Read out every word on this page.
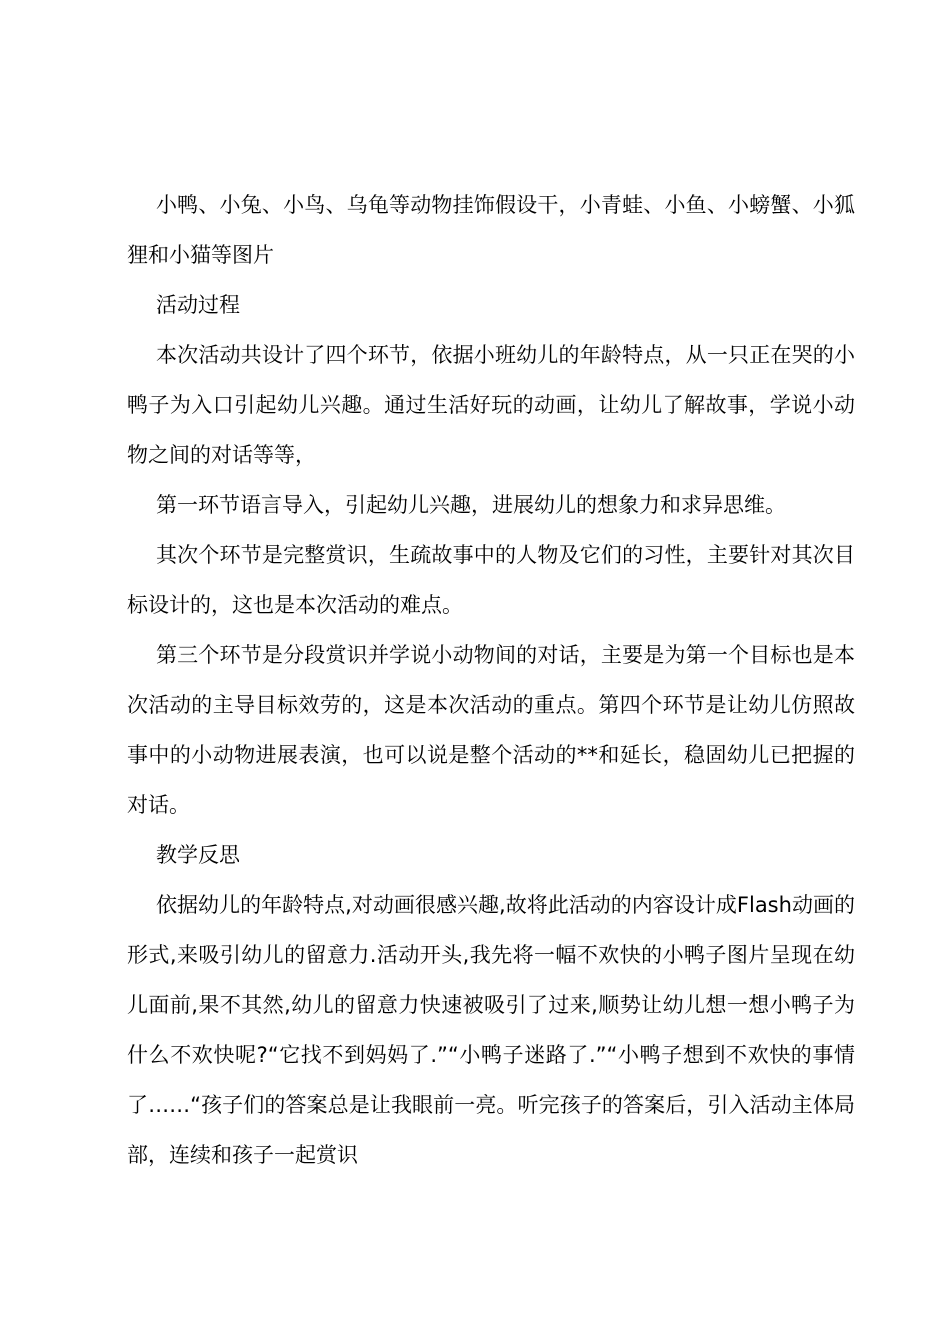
小鸭、小兔、小鸟、乌龟等动物挂饰假设干，小青蛙、小鱼、小螃蟹、小狐狸和小猫等图片

活动过程

本次活动共设计了四个环节，依据小班幼儿的年龄特点，从一只正在哭的小鸭子为入口引起幼儿兴趣。通过生活好玩的动画，让幼儿了解故事，学说小动物之间的对话等等，

第一环节语言导入，引起幼儿兴趣，进展幼儿的想象力和求异思维。

其次个环节是完整赏识，生疏故事中的人物及它们的习性，主要针对其次目标设计的，这也是本次活动的难点。

第三个环节是分段赏识并学说小动物间的对话，主要是为第一个目标也是本次活动的主导目标效劳的，这是本次活动的重点。第四个环节是让幼儿仿照故事中的小动物进展表演，也可以说是整个活动的**和延长，稳固幼儿已把握的对话。

教学反思

依据幼儿的年龄特点,对动画很感兴趣,故将此活动的内容设计成Flash动画的形式,来吸引幼儿的留意力.活动开头,我先将一幅不欢快的小鸭子图片呈现在幼儿面前,果不其然,幼儿的留意力快速被吸引了过来,顺势让幼儿想一想小鸭子为什么不欢快呢?“它找不到妈妈了.”“小鸭子迷路了.”“小鸭子想到不欢快的事情了……“孩子们的答案总是让我眼前一亮。听完孩子的答案后，引入活动主体局部，连续和孩子一起赏识
